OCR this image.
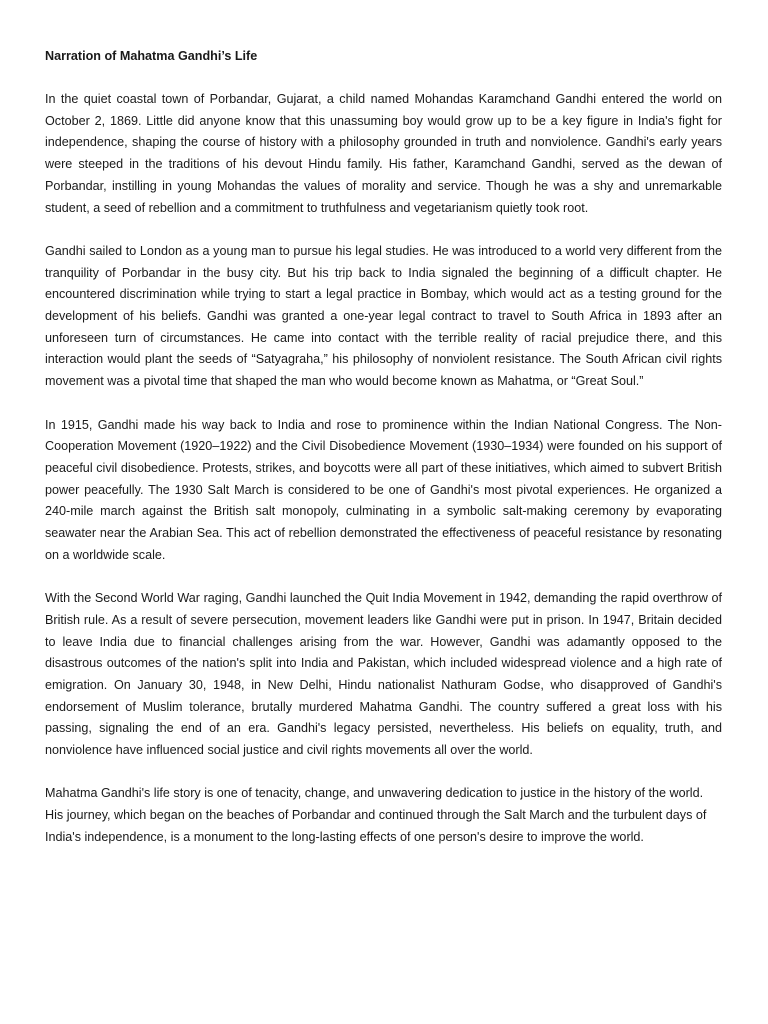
Narration of Mahatma Gandhi’s Life

In the quiet coastal town of Porbandar, Gujarat, a child named Mohandas Karamchand Gandhi entered the world on October 2, 1869. Little did anyone know that this unassuming boy would grow up to be a key figure in India's fight for independence, shaping the course of history with a philosophy grounded in truth and nonviolence. Gandhi's early years were steeped in the traditions of his devout Hindu family. His father, Karamchand Gandhi, served as the dewan of Porbandar, instilling in young Mohandas the values of morality and service. Though he was a shy and unremarkable student, a seed of rebellion and a commitment to truthfulness and vegetarianism quietly took root.

Gandhi sailed to London as a young man to pursue his legal studies. He was introduced to a world very different from the tranquility of Porbandar in the busy city. But his trip back to India signaled the beginning of a difficult chapter. He encountered discrimination while trying to start a legal practice in Bombay, which would act as a testing ground for the development of his beliefs. Gandhi was granted a one-year legal contract to travel to South Africa in 1893 after an unforeseen turn of circumstances. He came into contact with the terrible reality of racial prejudice there, and this interaction would plant the seeds of “Satyagraha,” his philosophy of nonviolent resistance. The South African civil rights movement was a pivotal time that shaped the man who would become known as Mahatma, or “Great Soul.”

In 1915, Gandhi made his way back to India and rose to prominence within the Indian National Congress. The Non-Cooperation Movement (1920–1922) and the Civil Disobedience Movement (1930–1934) were founded on his support of peaceful civil disobedience. Protests, strikes, and boycotts were all part of these initiatives, which aimed to subvert British power peacefully. The 1930 Salt March is considered to be one of Gandhi's most pivotal experiences. He organized a 240-mile march against the British salt monopoly, culminating in a symbolic salt-making ceremony by evaporating seawater near the Arabian Sea. This act of rebellion demonstrated the effectiveness of peaceful resistance by resonating on a worldwide scale.

With the Second World War raging, Gandhi launched the Quit India Movement in 1942, demanding the rapid overthrow of British rule. As a result of severe persecution, movement leaders like Gandhi were put in prison. In 1947, Britain decided to leave India due to financial challenges arising from the war. However, Gandhi was adamantly opposed to the disastrous outcomes of the nation's split into India and Pakistan, which included widespread violence and a high rate of emigration. On January 30, 1948, in New Delhi, Hindu nationalist Nathuram Godse, who disapproved of Gandhi's endorsement of Muslim tolerance, brutally murdered Mahatma Gandhi. The country suffered a great loss with his passing, signaling the end of an era. Gandhi's legacy persisted, nevertheless. His beliefs on equality, truth, and nonviolence have influenced social justice and civil rights movements all over the world.

Mahatma Gandhi's life story is one of tenacity, change, and unwavering dedication to justice in the history of the world. His journey, which began on the beaches of Porbandar and continued through the Salt March and the turbulent days of India's independence, is a monument to the long-lasting effects of one person's desire to improve the world.
